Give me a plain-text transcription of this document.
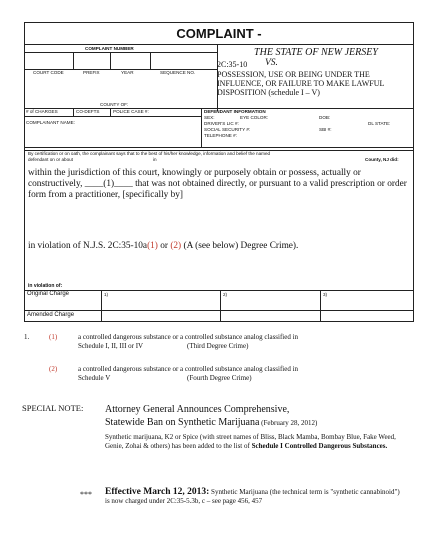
COMPLAINT -
COMPLAINT NUMBER
COURT CODE	PREFIX	YEAR	SEQUENCE NO.
COUNTY OF:
# of CHARGES	CO-DEFTS	POLICE CASE #:
COMPLAINANT NAME:
DEFENDANT INFORMATION
SEX:	EYE COLOR:	DOB:
DRIVER'S LIC #:	DL STATE:
SOCIAL SECURITY #:	SBI #:
TELEPHONE #:
THE STATE OF NEW JERSEY
2C:35-10 VS.
POSSESSION, USE OR BEING UNDER THE INFLUENCE, OR FAILURE TO MAKE LAWFUL DISPOSITION (schedule I – V)
By certification or on oath, the complainant says that to the best of his/her knowledge, information and belief the named
defendant on or about	in	County, NJ did:
within the jurisdiction of this court, knowingly or purposely obtain or possess, actually or constructively, ____(1)____ that was not obtained directly, or pursuant to a valid prescription or order form from a practitioner, [specifically by]
in violation of N.J.S. 2C:35-10a(1) or (2) (A (see below) Degree Crime).
in violation of:
Original Charge	1)	2)	3)
Amended Charge
1.	(1)	a controlled dangerous substance or a controlled substance analog classified in
Schedule I, II, III or IV	(Third Degree Crime)
(2)	a controlled dangerous substance or a controlled substance analog classified in
Schedule V	(Fourth Degree Crime)
SPECIAL NOTE: Attorney General Announces Comprehensive,
Statewide Ban on Synthetic Marijuana (February 28, 2012)
Synthetic marijuana, K2 or Spice (with street names of Bliss, Black Mamba, Bombay Blue, Fake Weed, Genie, Zohai & others) has been added to the list of Schedule I Controlled Dangerous Substances.
*** Effective March 12, 2013: Synthetic Marijuana (the technical term is "synthetic cannabinoid") is now charged under 2C:35-5.3b, c – see page 456, 457
